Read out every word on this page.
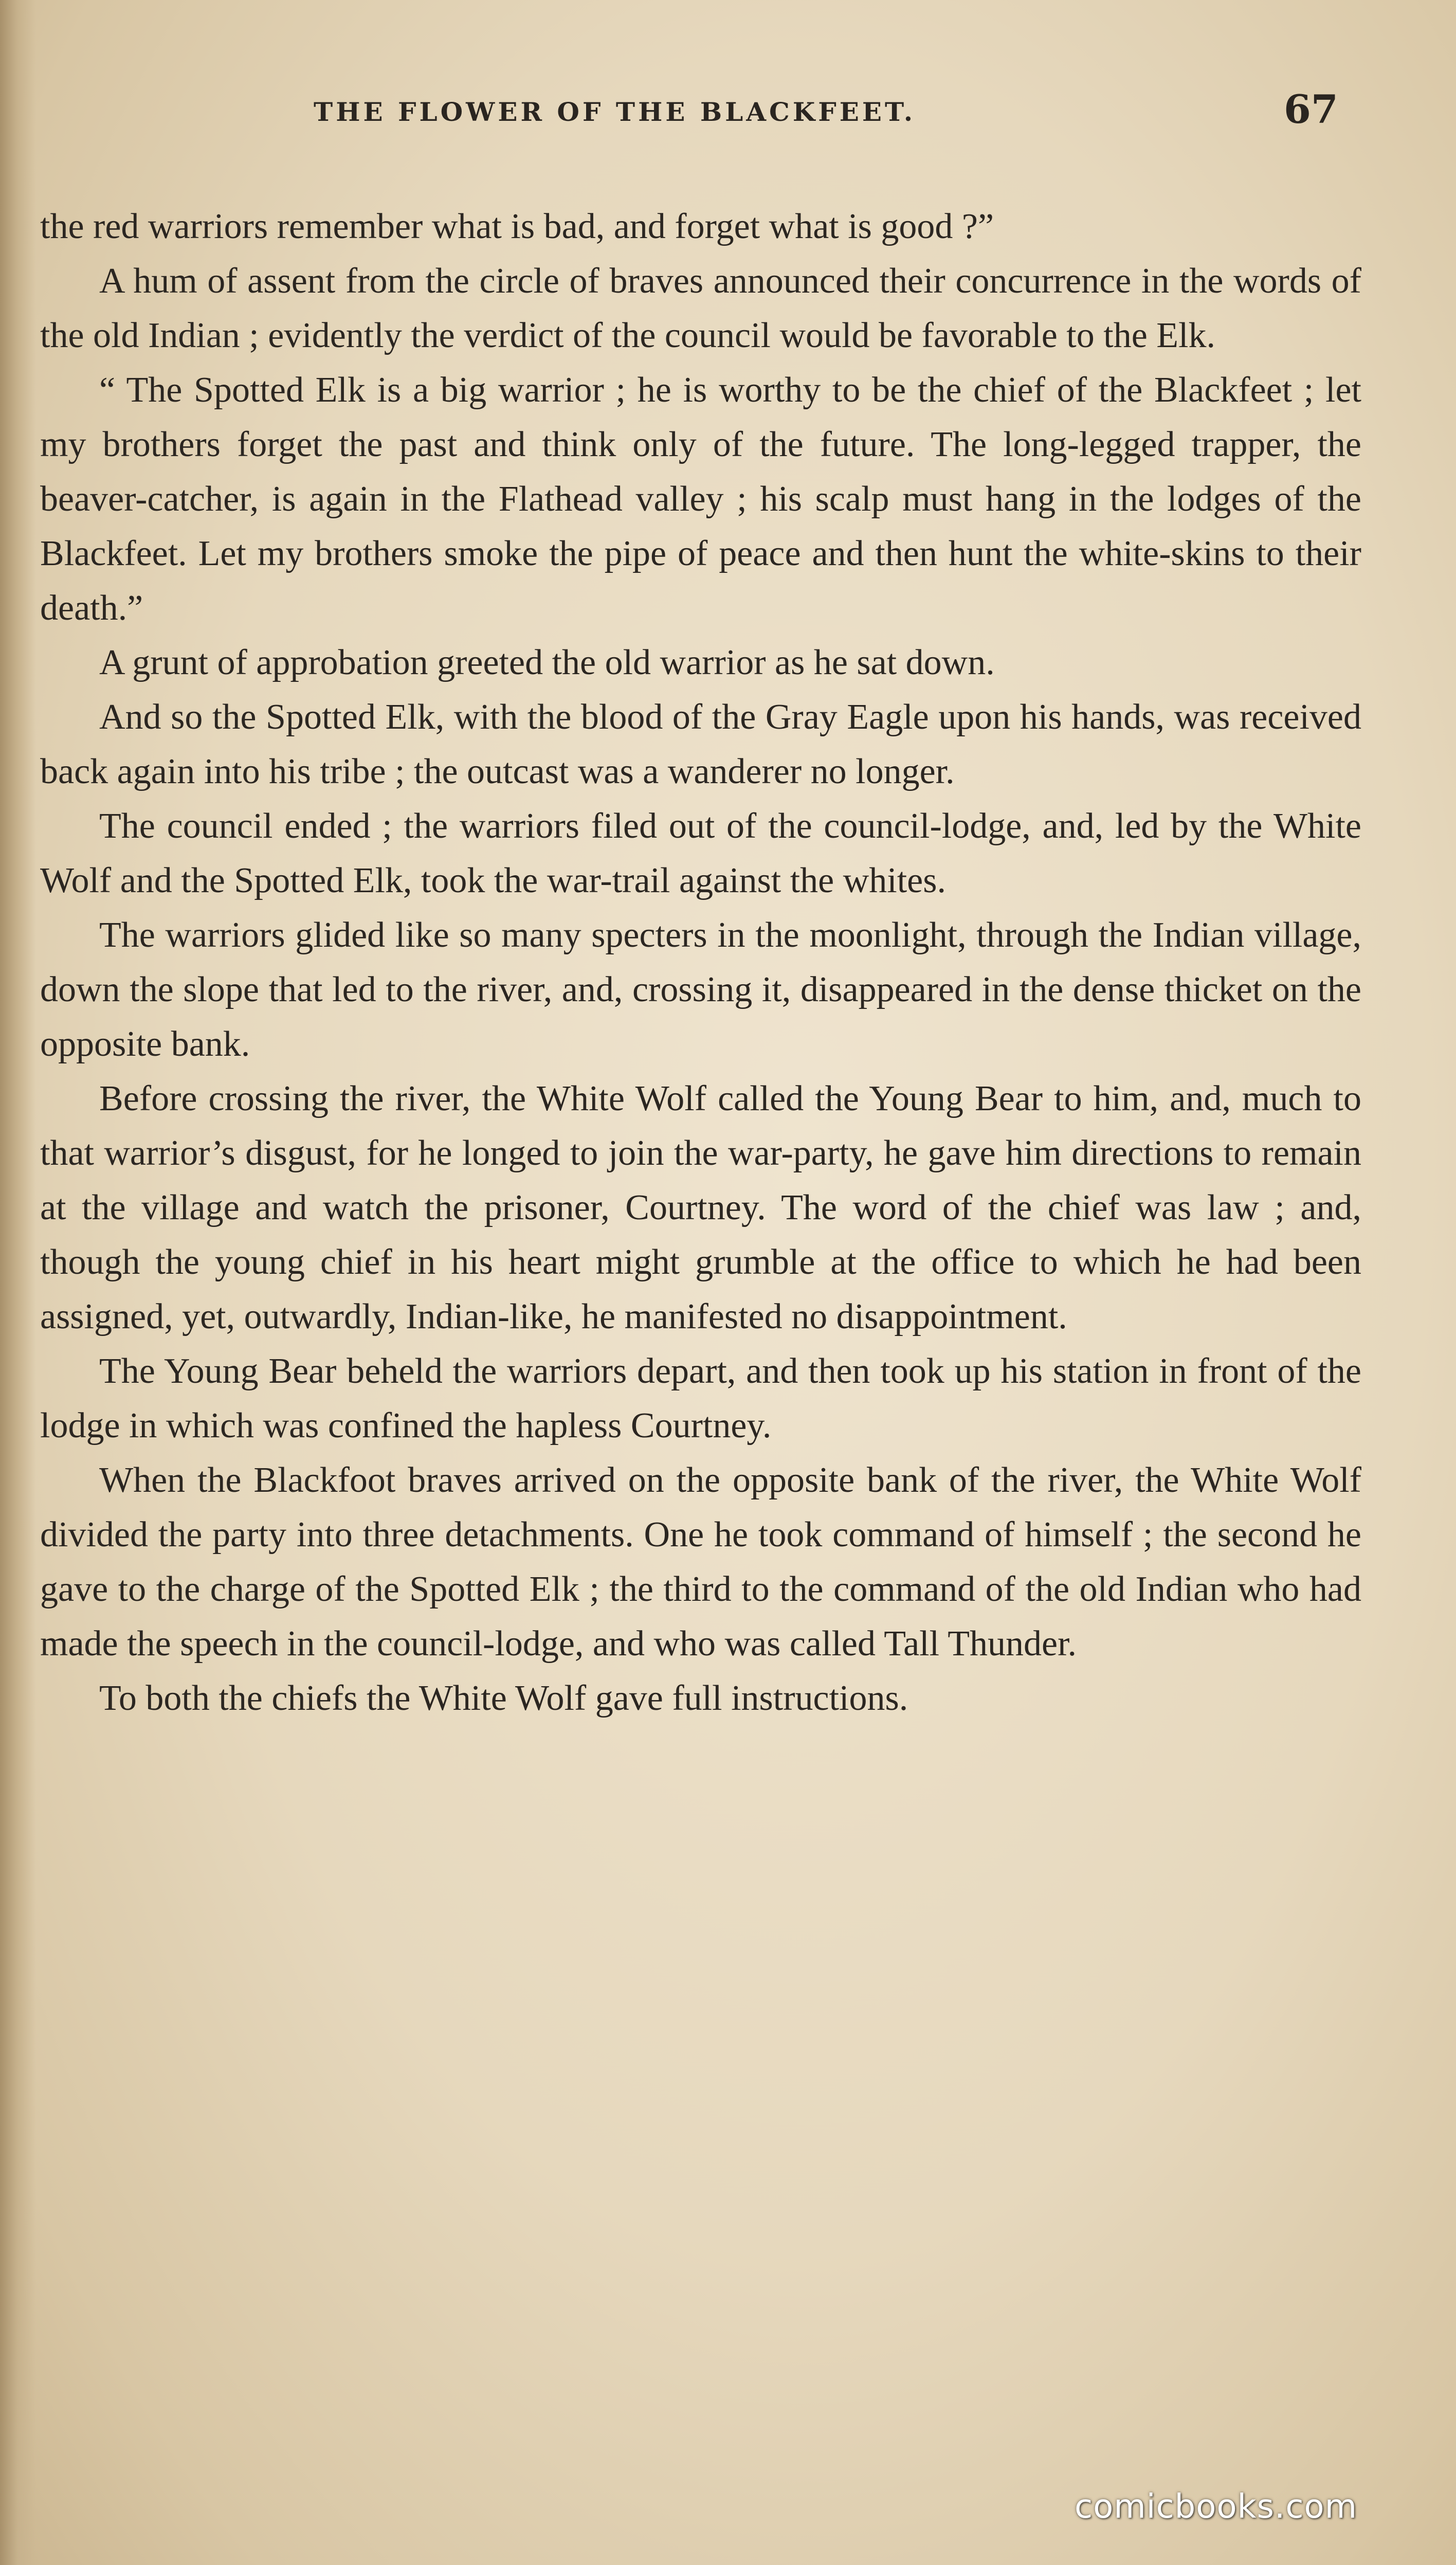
THE FLOWER OF THE BLACKFEET.	67

the red warriors remember what is bad, and forget what is good ?”

A hum of assent from the circle of braves announced their concurrence in the words of the old Indian ; evidently the verdict of the council would be favorable to the Elk.

“ The Spotted Elk is a big warrior ; he is worthy to be the chief of the Blackfeet ; let my brothers forget the past and think only of the future. The long-legged trapper, the beaver-catcher, is again in the Flathead valley ; his scalp must hang in the lodges of the Blackfeet. Let my brothers smoke the pipe of peace and then hunt the white-skins to their death.”

A grunt of approbation greeted the old warrior as he sat down.

And so the Spotted Elk, with the blood of the Gray Eagle upon his hands, was received back again into his tribe ; the outcast was a wanderer no longer.

The council ended ; the warriors filed out of the council-lodge, and, led by the White Wolf and the Spotted Elk, took the war-trail against the whites.

The warriors glided like so many specters in the moonlight, through the Indian village, down the slope that led to the river, and, crossing it, disappeared in the dense thicket on the opposite bank.

Before crossing the river, the White Wolf called the Young Bear to him, and, much to that warrior’s disgust, for he longed to join the war-party, he gave him directions to remain at the village and watch the prisoner, Courtney. The word of the chief was law ; and, though the young chief in his heart might grumble at the office to which he had been assigned, yet, outwardly, Indian-like, he manifested no disappointment.

The Young Bear beheld the warriors depart, and then took up his station in front of the lodge in which was confined the hapless Courtney.

When the Blackfoot braves arrived on the opposite bank of the river, the White Wolf divided the party into three detachments. One he took command of himself ; the second he gave to the charge of the Spotted Elk ; the third to the command of the old Indian who had made the speech in the council-lodge, and who was called Tall Thunder.

To both the chiefs the White Wolf gave full instructions.

comicbooks.com
